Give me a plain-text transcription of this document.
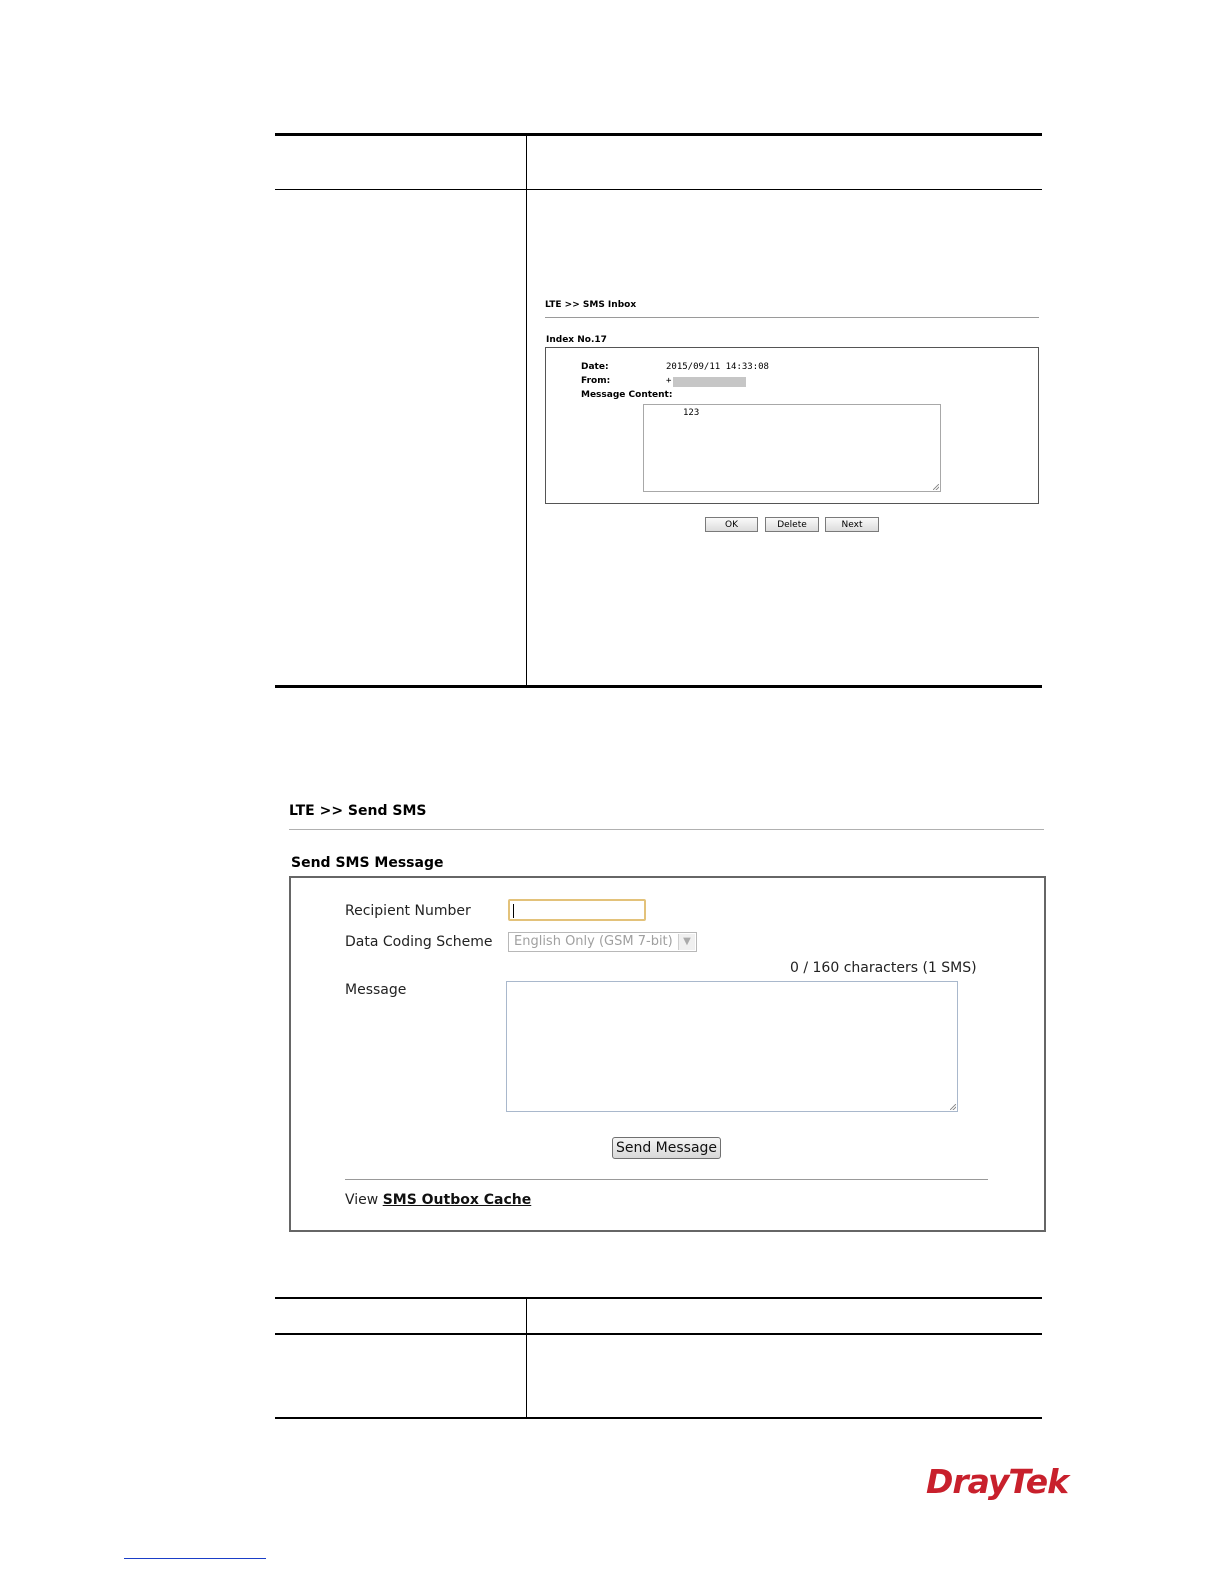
LTE >> SMS Inbox
Index No.17
Date:	2015/09/11 14:33:08
From:	+
Message Content:
123
OK	Delete	Next
LTE >> Send SMS
Send SMS Message
Recipient Number
Data Coding Scheme	English Only (GSM 7-bit)	▼
0 / 160 characters (1 SMS)
Message
Send Message
View SMS Outbox Cache
DrayTek
